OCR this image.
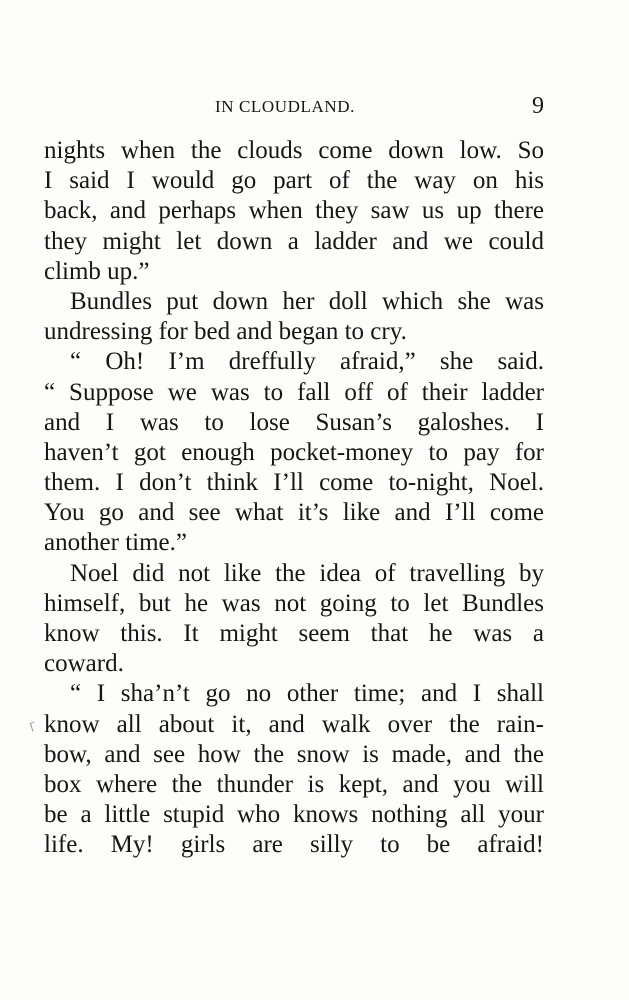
IN CLOUDLAND.	9
nights when the clouds come down low. So
I said I would go part of the way on his
back, and perhaps when they saw us up there
they might let down a ladder and we could
climb up.”
Bundles put down her doll which she was
undressing for bed and began to cry.
“ Oh! I’m dreffully afraid,” she said.
“ Suppose we was to fall off of their ladder
and I was to lose Susan’s galoshes. I
haven’t got enough pocket-money to pay for
them. I don’t think I’ll come to-night, Noel.
You go and see what it’s like and I’ll come
another time.”
Noel did not like the idea of travelling by
himself, but he was not going to let Bundles
know this. It might seem that he was a
coward.
“ I sha’n’t go no other time; and I shall
know all about it, and walk over the rain-
bow, and see how the snow is made, and the
box where the thunder is kept, and you will
be a little stupid who knows nothing all your
life. My! girls are silly to be afraid!
